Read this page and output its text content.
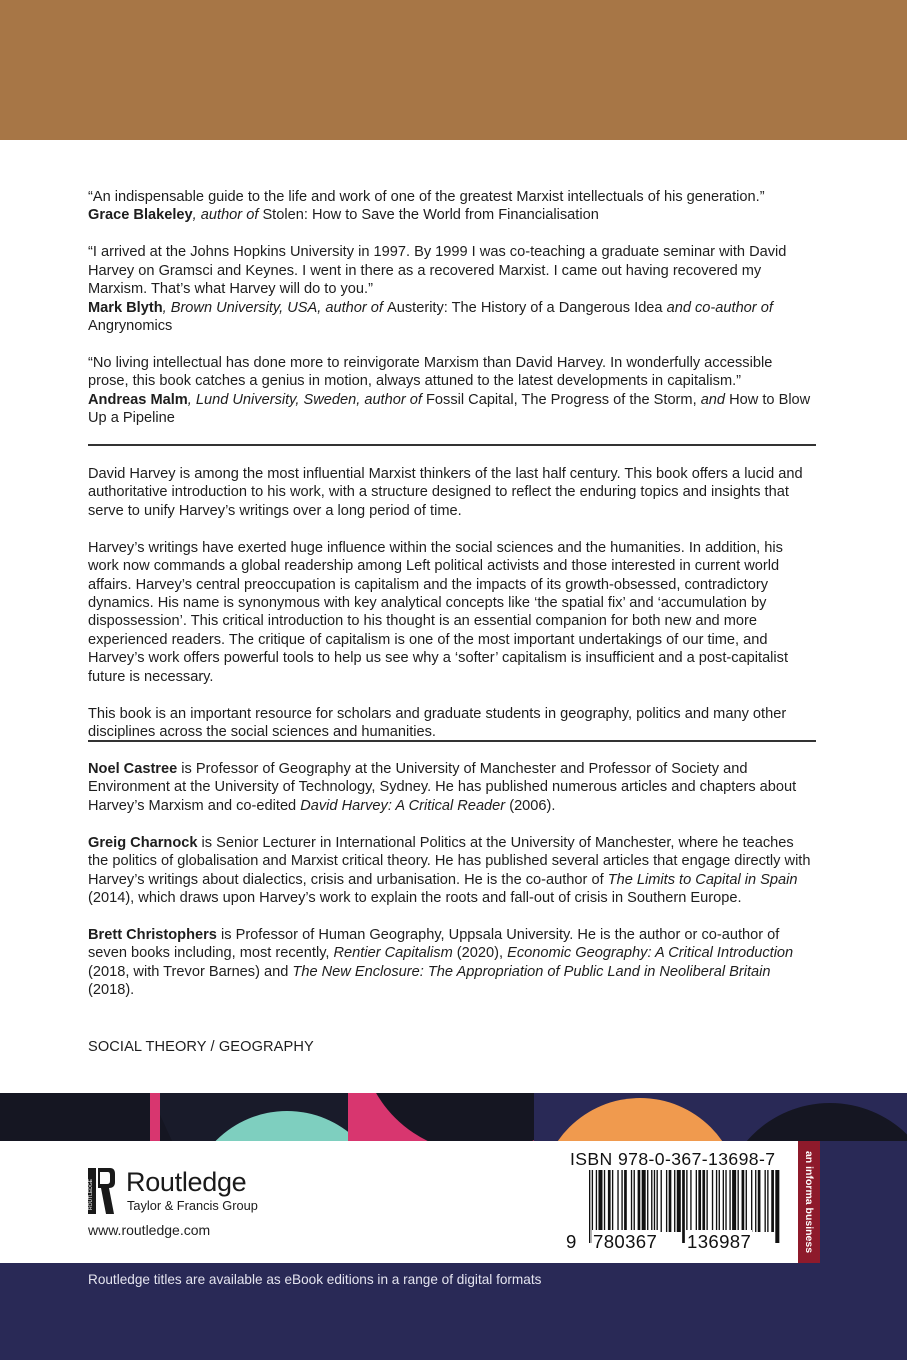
“An indispensable guide to the life and work of one of the greatest Marxist intellectuals of his generation.”
Grace Blakeley, author of Stolen: How to Save the World from Financialisation

“I arrived at the Johns Hopkins University in 1997. By 1999 I was co-teaching a graduate seminar with David Harvey on Gramsci and Keynes. I went in there as a recovered Marxist. I came out having recovered my Marxism. That’s what Harvey will do to you.”
Mark Blyth, Brown University, USA, author of Austerity: The History of a Dangerous Idea and co-author of
Angrynomics

“No living intellectual has done more to reinvigorate Marxism than David Harvey. In wonderfully accessible prose, this book catches a genius in motion, always attuned to the latest developments in capitalism.”
Andreas Malm, Lund University, Sweden, author of Fossil Capital, The Progress of the Storm, and How to Blow Up a Pipeline

David Harvey is among the most influential Marxist thinkers of the last half century. This book offers a lucid and authoritative introduction to his work, with a structure designed to reflect the enduring topics and insights that serve to unify Harvey’s writings over a long period of time.

Harvey’s writings have exerted huge influence within the social sciences and the humanities. In addition, his work now commands a global readership among Left political activists and those interested in current world affairs. Harvey’s central preoccupation is capitalism and the impacts of its growth-obsessed, contradictory dynamics. His name is synonymous with key analytical concepts like ‘the spatial fix’ and ‘accumulation by dispossession’. This critical introduction to his thought is an essential companion for both new and more experienced readers. The critique of capitalism is one of the most important undertakings of our time, and Harvey’s work offers powerful tools to help us see why a ‘softer’ capitalism is insufficient and a post-capitalist future is necessary.

This book is an important resource for scholars and graduate students in geography, politics and many other disciplines across the social sciences and humanities.

Noel Castree is Professor of Geography at the University of Manchester and Professor of Society and Environment at the University of Technology, Sydney. He has published numerous articles and chapters about Harvey’s Marxism and co-edited David Harvey: A Critical Reader (2006).

Greig Charnock is Senior Lecturer in International Politics at the University of Manchester, where he teaches the politics of globalisation and Marxist critical theory. He has published several articles that engage directly with Harvey’s writings about dialectics, crisis and urbanisation. He is the co-author of The Limits to Capital in Spain (2014), which draws upon Harvey’s work to explain the roots and fall-out of crisis in Southern Europe.

Brett Christophers is Professor of Human Geography, Uppsala University. He is the author or co-author of seven books including, most recently, Rentier Capitalism (2020), Economic Geography: A Critical Introduction (2018, with Trevor Barnes) and The New Enclosure: The Appropriation of Public Land in Neoliberal Britain (2018).

SOCIAL THEORY / GEOGRAPHY
ROUTLEDGE Routledge
Taylor & Francis Group
www.routledge.com
ISBN 978-0-367-13698-7
9 780367 136987	an informa business
Routledge titles are available as eBook editions in a range of digital formats
